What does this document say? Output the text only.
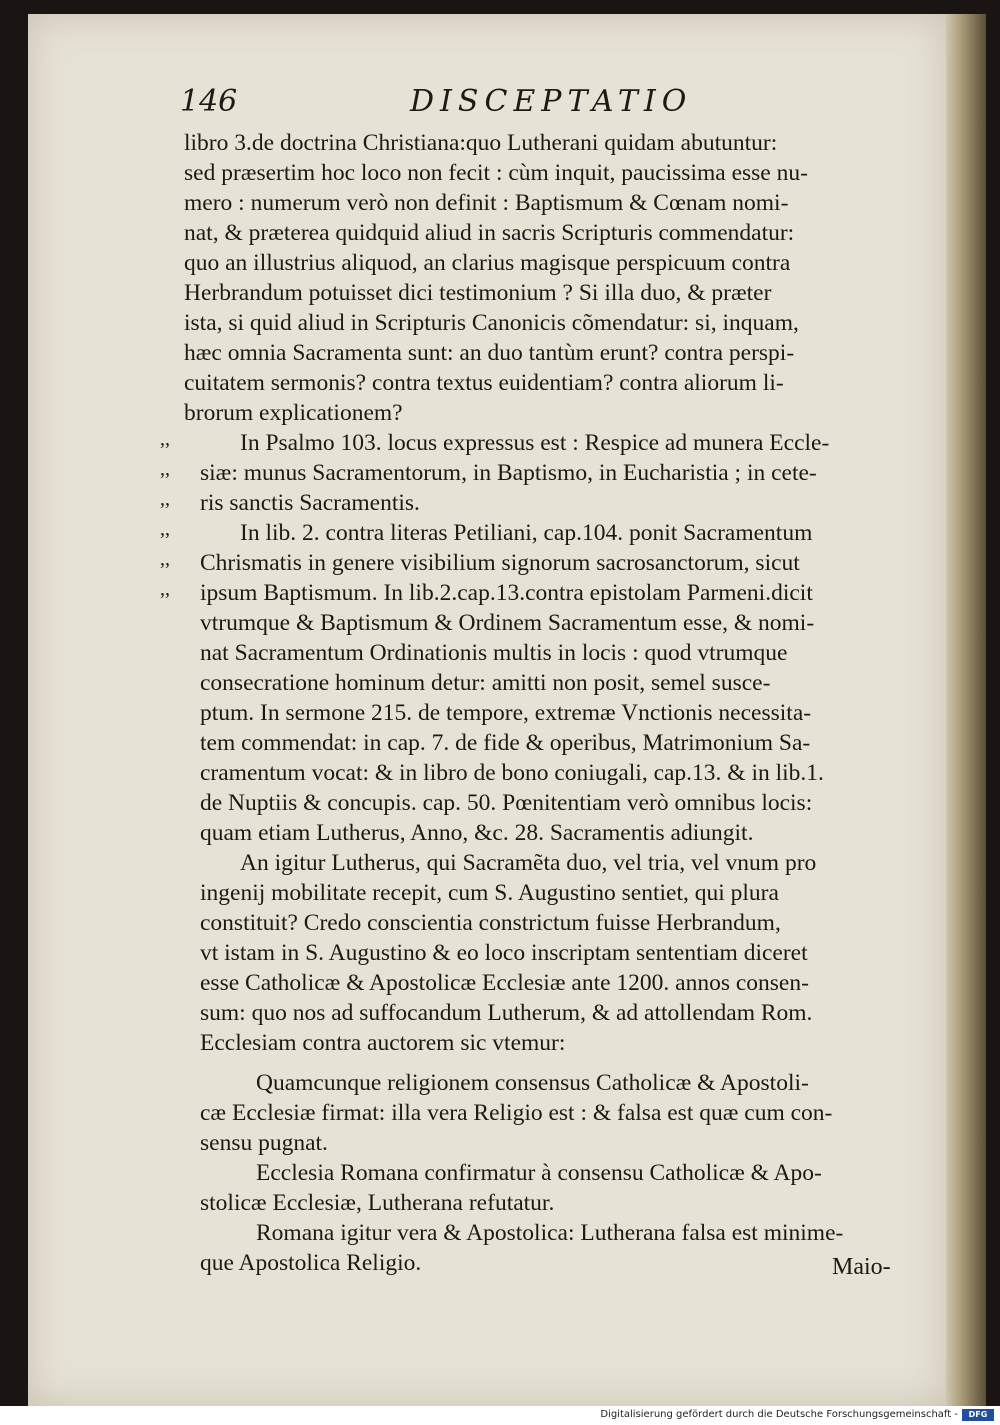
146	DISCEPTATIO
libro 3.de doctrina Christiana:quo Lutherani quidam abutuntur:
sed præsertim hoc loco non fecit : cùm inquit, paucissima esse nu-
mero : numerum verò non definit : Baptismum & Cœnam nomi-
nat, & præterea quidquid aliud in sacris Scripturis commendatur:
quo an illustrius aliquod, an clarius magisque perspicuum contra
Herbrandum potuisset dici testimonium ? Si illa duo, & præter
ista, si quid aliud in Scripturis Canonicis cõmendatur: si, inquam,
hæc omnia Sacramenta sunt: an duo tantùm erunt? contra perspi-
cuitatem sermonis? contra textus euidentiam? contra aliorum li-
brorum explicationem?
,,	In Psalmo 103. locus expressus est : Respice ad munera Eccle-
,, siæ: munus Sacramentorum, in Baptismo, in Eucharistia ; in cete-
,, ris sanctis Sacramentis.
,,	In lib. 2. contra literas Petiliani, cap.104. ponit Sacramentum
,, Chrismatis in genere visibilium signorum sacrosanctorum, sicut
,, ipsum Baptismum. In lib.2.cap.13.contra epistolam Parmeni.dicit
vtrumque & Baptismum & Ordinem Sacramentum esse, & nomi-
nat Sacramentum Ordinationis multis in locis : quod vtrumque
consecratione hominum detur: amitti non posit, semel susce-
ptum. In sermone 215. de tempore, extremæ Vnctionis necessita-
tem commendat: in cap. 7. de fide & operibus, Matrimonium Sa-
cramentum vocat: & in libro de bono coniugali, cap.13. & in lib.1.
de Nuptiis & concupis. cap. 50. Pœnitentiam verò omnibus locis:
quam etiam Lutherus, Anno, &c. 28. Sacramentis adiungit.
An igitur Lutherus, qui Sacramẽta duo, vel tria, vel vnum pro
ingenij mobilitate recepit, cum S. Augustino sentiet, qui plura
constituit? Credo conscientia constrictum fuisse Herbrandum,
vt istam in S. Augustino & eo loco inscriptam sententiam diceret
esse Catholicæ & Apostolicæ Ecclesiæ ante 1200. annos consen-
sum: quo nos ad suffocandum Lutherum, & ad attollendam Rom.
Ecclesiam contra auctorem sic vtemur:
Quamcunque religionem consensus Catholicæ & Apostoli-
cæ Ecclesiæ firmat: illa vera Religio est : & falsa est quæ cum con-
sensu pugnat.
Ecclesia Romana confirmatur à consensu Catholicæ & Apo-
stolicæ Ecclesiæ, Lutherana refutatur.
Romana igitur vera & Apostolica: Lutherana falsa est minime-
que Apostolica Religio.	Maio-
Digitalisierung gefördert durch die Deutsche Forschungsgemeinschaft -	DFG
